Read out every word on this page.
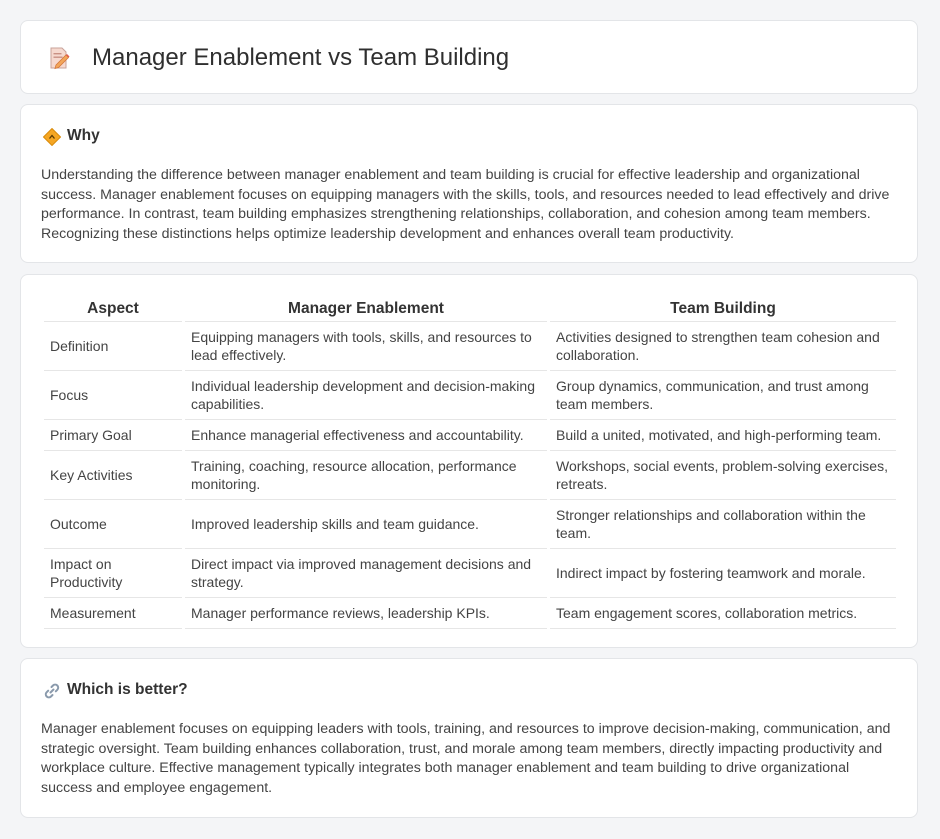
Manager Enablement vs Team Building
Why

Understanding the difference between manager enablement and team building is crucial for effective leadership and organizational success. Manager enablement focuses on equipping managers with the skills, tools, and resources needed to lead effectively and drive performance. In contrast, team building emphasizes strengthening relationships, collaboration, and cohesion among team members. Recognizing these distinctions helps optimize leadership development and enhances overall team productivity.

Aspect	Manager Enablement	Team Building
Definition	Equipping managers with tools, skills, and resources to lead effectively.	Activities designed to strengthen team cohesion and collaboration.
Focus	Individual leadership development and decision-making capabilities.	Group dynamics, communication, and trust among team members.
Primary Goal	Enhance managerial effectiveness and accountability.	Build a united, motivated, and high-performing team.
Key Activities	Training, coaching, resource allocation, performance monitoring.	Workshops, social events, problem-solving exercises, retreats.
Outcome	Improved leadership skills and team guidance.	Stronger relationships and collaboration within the team.
Impact on Productivity	Direct impact via improved management decisions and strategy.	Indirect impact by fostering teamwork and morale.
Measurement	Manager performance reviews, leadership KPIs.	Team engagement scores, collaboration metrics.
Which is better?

Manager enablement focuses on equipping leaders with tools, training, and resources to improve decision-making, communication, and strategic oversight. Team building enhances collaboration, trust, and morale among team members, directly impacting productivity and workplace culture. Effective management typically integrates both manager enablement and team building to drive organizational success and employee engagement.
